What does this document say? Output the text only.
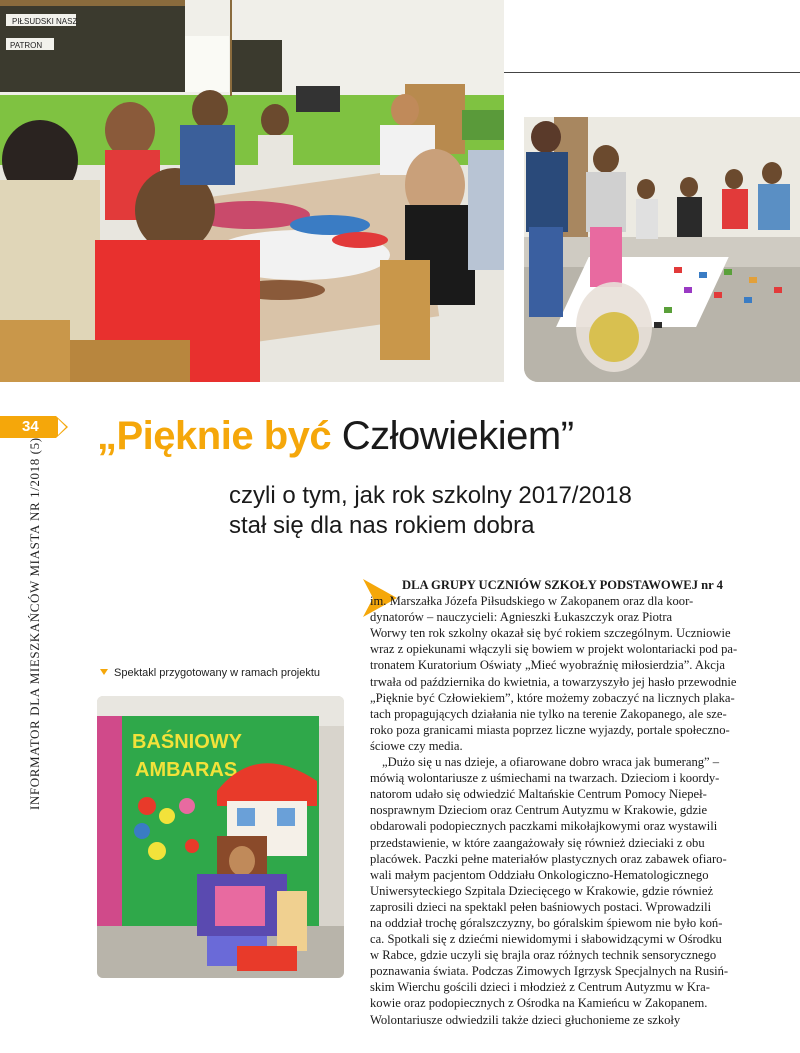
PIŁSUDSKI NASZ
PATRON
34
INFORMATOR DLA MIESZKAŃCÓW MIASTA NR 1/2018 (5)
„Pięknie być Człowiekiem”
czyli o tym, jak rok szkolny 2017/2018
stał się dla nas rokiem dobra
Spektakl przygotowany w ramach projektu
BAŚNIOWY
AMBARAS

DLA GRUPY UCZNIÓW SZKOŁY PODSTAWOWEJ nr 4

im. Marszałka Józefa Piłsudskiego w Zakopanem oraz dla koor-
dynatorów – nauczycieli: Agnieszki Łukaszczyk oraz Piotra
Worwy ten rok szkolny okazał się być rokiem szczególnym. Uczniowie
wraz z opiekunami włączyli się bowiem w projekt wolontariacki pod pa-
tronatem Kuratorium Oświaty „Mieć wyobraźnię miłosierdzia”. Akcja
trwała od października do kwietnia, a towarzyszyło jej hasło przewodnie
„Pięknie być Człowiekiem”, które możemy zobaczyć na licznych plaka-
tach propagujących działania nie tylko na terenie Zakopanego, ale sze-
roko poza granicami miasta poprzez liczne wyjazdy, portale społeczno-
ściowe czy media.
„Dużo się u nas dzieje, a ofiarowane dobro wraca jak bumerang” –
mówią wolontariusze z uśmiechami na twarzach. Dzieciom i koordy-
natorom udało się odwiedzić Maltańskie Centrum Pomocy Niepeł-
nosprawnym Dzieciom oraz Centrum Autyzmu w Krakowie, gdzie
obdarowali podopiecznych paczkami mikołajkowymi oraz wystawili
przedstawienie, w które zaangażowały się również dzieciaki z obu
placówek. Paczki pełne materiałów plastycznych oraz zabawek ofiaro-
wali małym pacjentom Oddziału Onkologiczno-Hematologicznego
Uniwersyteckiego Szpitala Dziecięcego w Krakowie, gdzie również
zaprosili dzieci na spektakl pełen baśniowych postaci. Wprowadzili
na oddział trochę góralszczyzny, bo góralskim śpiewom nie było koń-
ca. Spotkali się z dziećmi niewidomymi i słabowidzącymi w Ośrodku
w Rabce, gdzie uczyli się brajla oraz różnych technik sensorycznego
poznawania świata. Podczas Zimowych Igrzysk Specjalnych na Rusiń-
skim Wierchu gościli dzieci i młodzież z Centrum Autyzmu w Kra-
kowie oraz podopiecznych z Ośrodka na Kamieńcu w Zakopanem.
Wolontariusze odwiedzili także dzieci głuchonieme ze szkoły
